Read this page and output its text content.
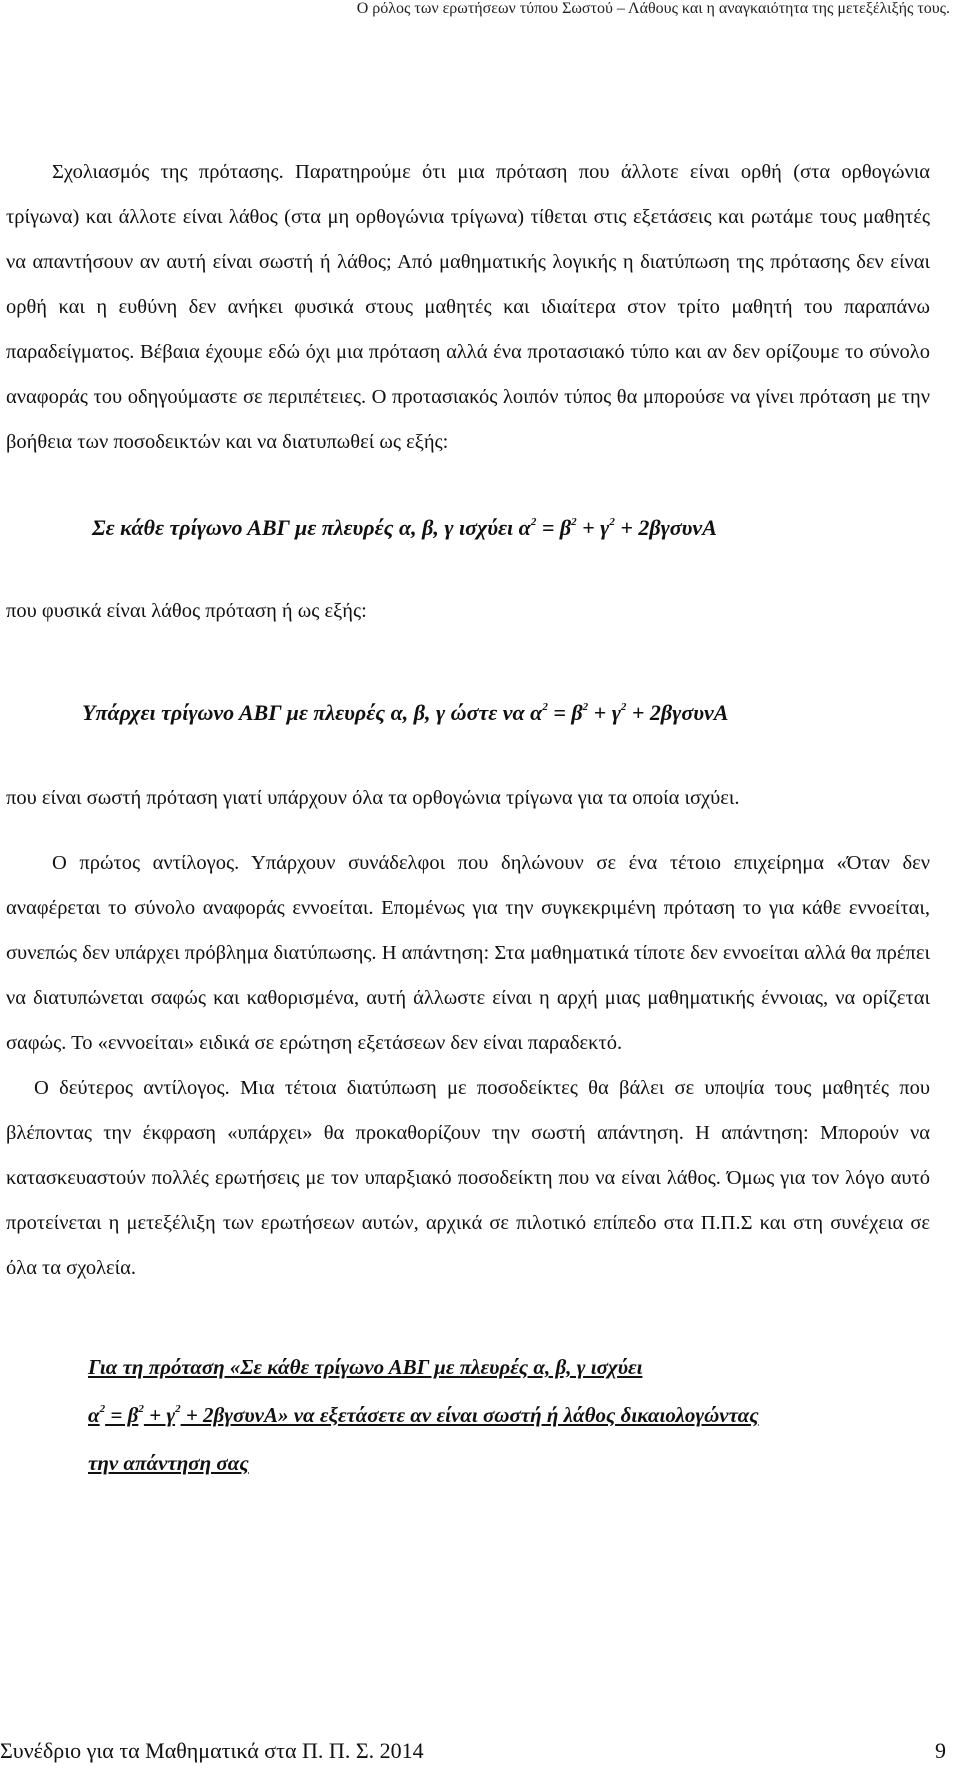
Ο ρόλος των ερωτήσεων τύπου Σωστού – Λάθους και η αναγκαιότητα της μετεξέλιξής τους.

Σχολιασμός της πρότασης. Παρατηρούμε ότι μια πρόταση που άλλοτε είναι ορθή (στα ορθογώνια τρίγωνα) και άλλοτε είναι λάθος (στα μη ορθογώνια τρίγωνα) τίθεται στις εξετάσεις και ρωτάμε τους μαθητές να απαντήσουν αν αυτή είναι σωστή ή λάθος; Από μαθηματικής λογικής η διατύπωση της πρότασης δεν είναι ορθή και η ευθύνη δεν ανήκει φυσικά στους μαθητές και ιδιαίτερα στον τρίτο μαθητή του παραπάνω παραδείγματος. Βέβαια έχουμε εδώ όχι μια πρόταση αλλά ένα προτασιακό τύπο και αν δεν ορίζουμε το σύνολο αναφοράς του οδηγούμαστε σε περιπέτειες. Ο προτασιακός λοιπόν τύπος θα μπορούσε να γίνει πρόταση με την βοήθεια των ποσοδεικτών και να διατυπωθεί ως εξής:

Σε κάθε τρίγωνο ΑΒΓ με πλευρές α, β, γ ισχύει $\alpha^2 = \beta^2 + \gamma^2 + 2\beta\gamma\sigma\upsilon\nu A$

που φυσικά είναι λάθος πρόταση ή ως εξής:

Υπάρχει τρίγωνο ΑΒΓ με πλευρές α, β, γ ώστε να $\alpha^2 = \beta^2 + \gamma^2 + 2\beta\gamma\sigma\upsilon\nu A$

που είναι σωστή πρόταση γιατί υπάρχουν όλα τα ορθογώνια τρίγωνα για τα οποία ισχύει.

Ο πρώτος αντίλογος. Υπάρχουν συνάδελφοι που δηλώνουν σε ένα τέτοιο επιχείρημα «Όταν δεν αναφέρεται το σύνολο αναφοράς εννοείται. Επομένως για την συγκεκριμένη πρόταση το για κάθε εννοείται, συνεπώς δεν υπάρχει πρόβλημα διατύπωσης. Η απάντηση: Στα μαθηματικά τίποτε δεν εννοείται αλλά θα πρέπει να διατυπώνεται σαφώς και καθορισμένα, αυτή άλλωστε είναι η αρχή μιας μαθηματικής έννοιας, να ορίζεται σαφώς. Το «εννοείται» ειδικά σε ερώτηση εξετάσεων δεν είναι παραδεκτό.

Ο δεύτερος αντίλογος. Μια τέτοια διατύπωση με ποσοδείκτες θα βάλει σε υποψία τους μαθητές που βλέποντας την έκφραση «υπάρχει» θα προκαθορίζουν την σωστή απάντηση. Η απάντηση: Μπορούν να κατασκευαστούν πολλές ερωτήσεις με τον υπαρξιακό ποσοδείκτη που να είναι λάθος. Όμως για τον λόγο αυτό προτείνεται η μετεξέλιξη των ερωτήσεων αυτών, αρχικά σε πιλοτικό επίπεδο στα Π.Π.Σ και στη συνέχεια σε όλα τα σχολεία.

Για τη πρόταση «Σε κάθε τρίγωνο ΑΒΓ με πλευρές α, β, γ ισχύει
$\alpha^2 = \beta^2 + \gamma^2 + 2\beta\gamma\sigma\upsilon\nu A$» να εξετάσετε αν είναι σωστή ή λάθος δικαιολογώντας
την απάντηση σας
Συνέδριο για τα Μαθηματικά στα Π. Π. Σ. 2014	9
